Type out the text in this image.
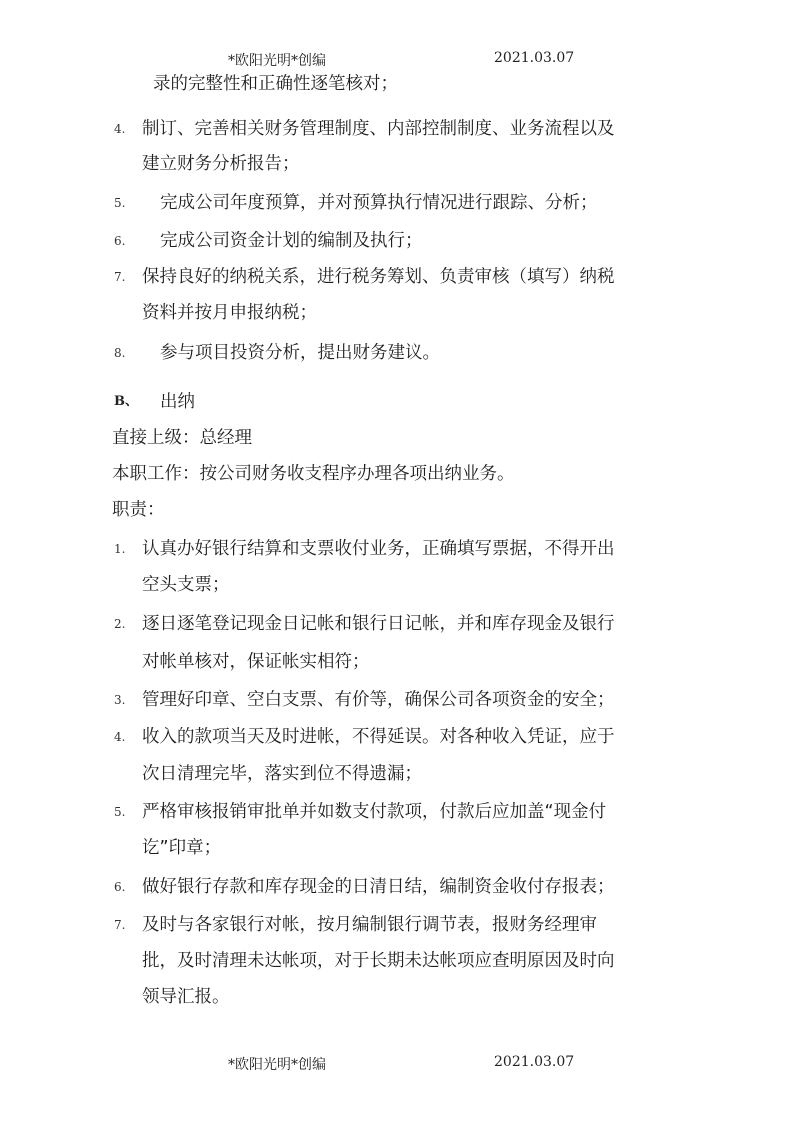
*欧阳光明*创编	2021.03.07
录的完整性和正确性逐笔核对；
4. 制订、完善相关财务管理制度、内部控制制度、业务流程以及
建立财务分析报告；
5. 完成公司年度预算，并对预算执行情况进行跟踪、分析；
6. 完成公司资金计划的编制及执行；
7. 保持良好的纳税关系，进行税务筹划、负责审核（填写）纳税
资料并按月申报纳税；
8. 参与项目投资分析，提出财务建议。
B、 出纳
直接上级：总经理
本职工作：按公司财务收支程序办理各项出纳业务。
职责：
1. 认真办好银行结算和支票收付业务，正确填写票据，不得开出
空头支票；
2. 逐日逐笔登记现金日记帐和银行日记帐，并和库存现金及银行
对帐单核对，保证帐实相符；
3. 管理好印章、空白支票、有价等，确保公司各项资金的安全；
4. 收入的款项当天及时进帐，不得延误。对各种收入凭证，应于
次日清理完毕，落实到位不得遗漏；
5. 严格审核报销审批单并如数支付款项，付款后应加盖“现金付
讫”印章；
6. 做好银行存款和库存现金的日清日结，编制资金收付存报表；
7. 及时与各家银行对帐，按月编制银行调节表，报财务经理审
批，及时清理未达帐项，对于长期未达帐项应查明原因及时向
领导汇报。
*欧阳光明*创编	2021.03.07
